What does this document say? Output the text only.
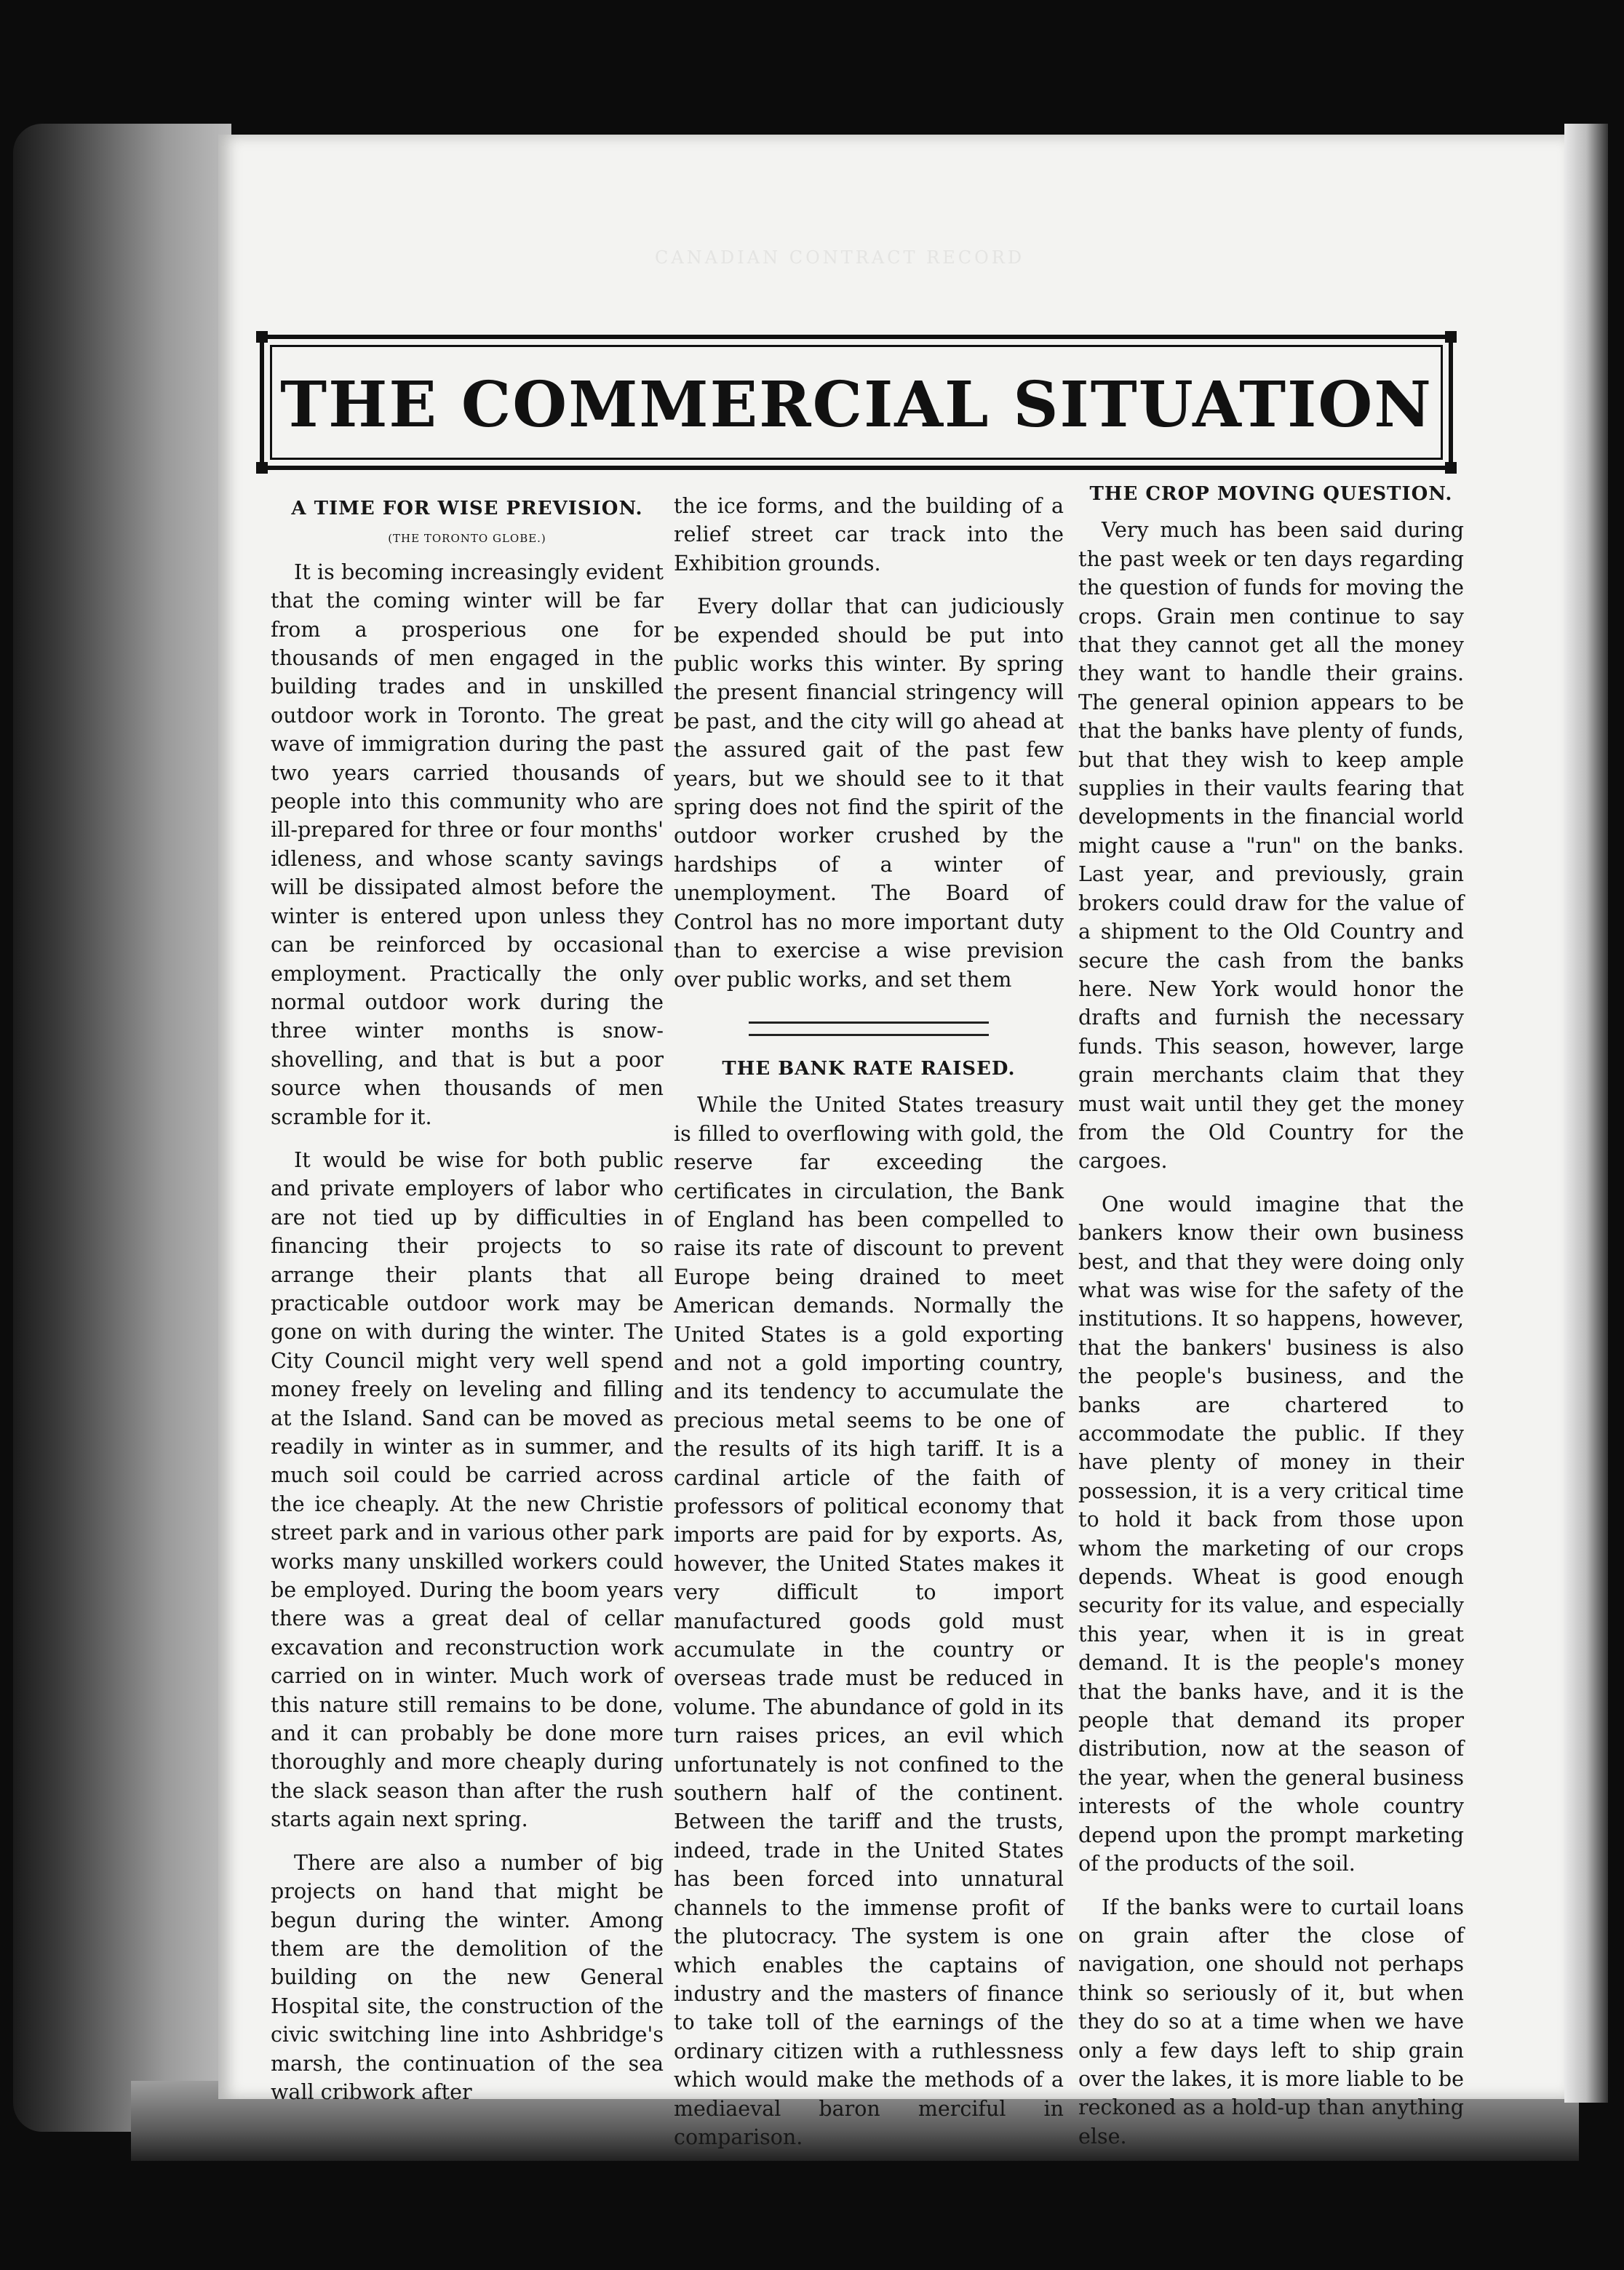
CANADIAN CONTRACT RECORD
THE COMMERCIAL SITUATION
A TIME FOR WISE PREVISION.
(THE TORONTO GLOBE.)

It is becoming increasingly evident that the coming winter will be far from a prosperious one for thousands of men engaged in the building trades and in unskilled outdoor work in Toronto. The great wave of immigration during the past two years carried thousands of people into this community who are ill-prepared for three or four months' idleness, and whose scanty savings will be dissipated almost before the winter is entered upon unless they can be reinforced by occasional employment. Practically the only normal outdoor work during the three winter months is snow-shovelling, and that is but a poor source when thousands of men scramble for it.

It would be wise for both public and private employers of labor who are not tied up by difficulties in financing their projects to so arrange their plants that all practicable outdoor work may be gone on with during the winter. The City Council might very well spend money freely on leveling and filling at the Island. Sand can be moved as readily in winter as in summer, and much soil could be carried across the ice cheaply. At the new Christie street park and in various other park works many unskilled workers could be employed. During the boom years there was a great deal of cellar excavation and reconstruction work carried on in winter. Much work of this nature still remains to be done, and it can probably be done more thoroughly and more cheaply during the slack season than after the rush starts again next spring.

There are also a number of big projects on hand that might be begun during the winter. Among them are the demolition of the building on the new General Hospital site, the construction of the civic switching line into Ashbridge's marsh, the continuation of the sea wall cribwork after

the ice forms, and the building of a relief street car track into the Exhibition grounds.

Every dollar that can judiciously be expended should be put into public works this winter. By spring the present financial stringency will be past, and the city will go ahead at the assured gait of the past few years, but we should see to it that spring does not find the spirit of the outdoor worker crushed by the hardships of a winter of unemployment. The Board of Control has no more important duty than to exercise a wise prevision over public works, and set them

THE BANK RATE RAISED.

While the United States treasury is filled to overflowing with gold, the reserve far exceeding the certificates in circulation, the Bank of England has been compelled to raise its rate of discount to prevent Europe being drained to meet American demands. Normally the United States is a gold exporting and not a gold importing country, and its tendency to accumulate the precious metal seems to be one of the results of its high tariff. It is a cardinal article of the faith of professors of political economy that imports are paid for by exports. As, however, the United States makes it very difficult to import manufactured goods gold must accumulate in the country or overseas trade must be reduced in volume. The abundance of gold in its turn raises prices, an evil which unfortunately is not confined to the southern half of the continent. Between the tariff and the trusts, indeed, trade in the United States has been forced into unnatural channels to the immense profit of the plutocracy. The system is one which enables the captains of industry and the masters of finance to take toll of the earnings of the ordinary citizen with a ruthlessness which would make the methods of a mediaeval baron merciful in comparison.

THE CROP MOVING QUESTION.

Very much has been said during the past week or ten days regarding the question of funds for moving the crops. Grain men continue to say that they cannot get all the money they want to handle their grains. The general opinion appears to be that the banks have plenty of funds, but that they wish to keep ample supplies in their vaults fearing that developments in the financial world might cause a "run" on the banks. Last year, and previously, grain brokers could draw for the value of a shipment to the Old Country and secure the cash from the banks here. New York would honor the drafts and furnish the necessary funds. This season, however, large grain merchants claim that they must wait until they get the money from the Old Country for the cargoes.

One would imagine that the bankers know their own business best, and that they were doing only what was wise for the safety of the institutions. It so happens, however, that the bankers' business is also the people's business, and the banks are chartered to accommodate the public. If they have plenty of money in their possession, it is a very critical time to hold it back from those upon whom the marketing of our crops depends. Wheat is good enough security for its value, and especially this year, when it is in great demand. It is the people's money that the banks have, and it is the people that demand its proper distribution, now at the season of the year, when the general business interests of the whole country depend upon the prompt marketing of the products of the soil.

If the banks were to curtail loans on grain after the close of navigation, one should not perhaps think so seriously of it, but when they do so at a time when we have only a few days left to ship grain over the lakes, it is more liable to be reckoned as a hold-up than anything else.
